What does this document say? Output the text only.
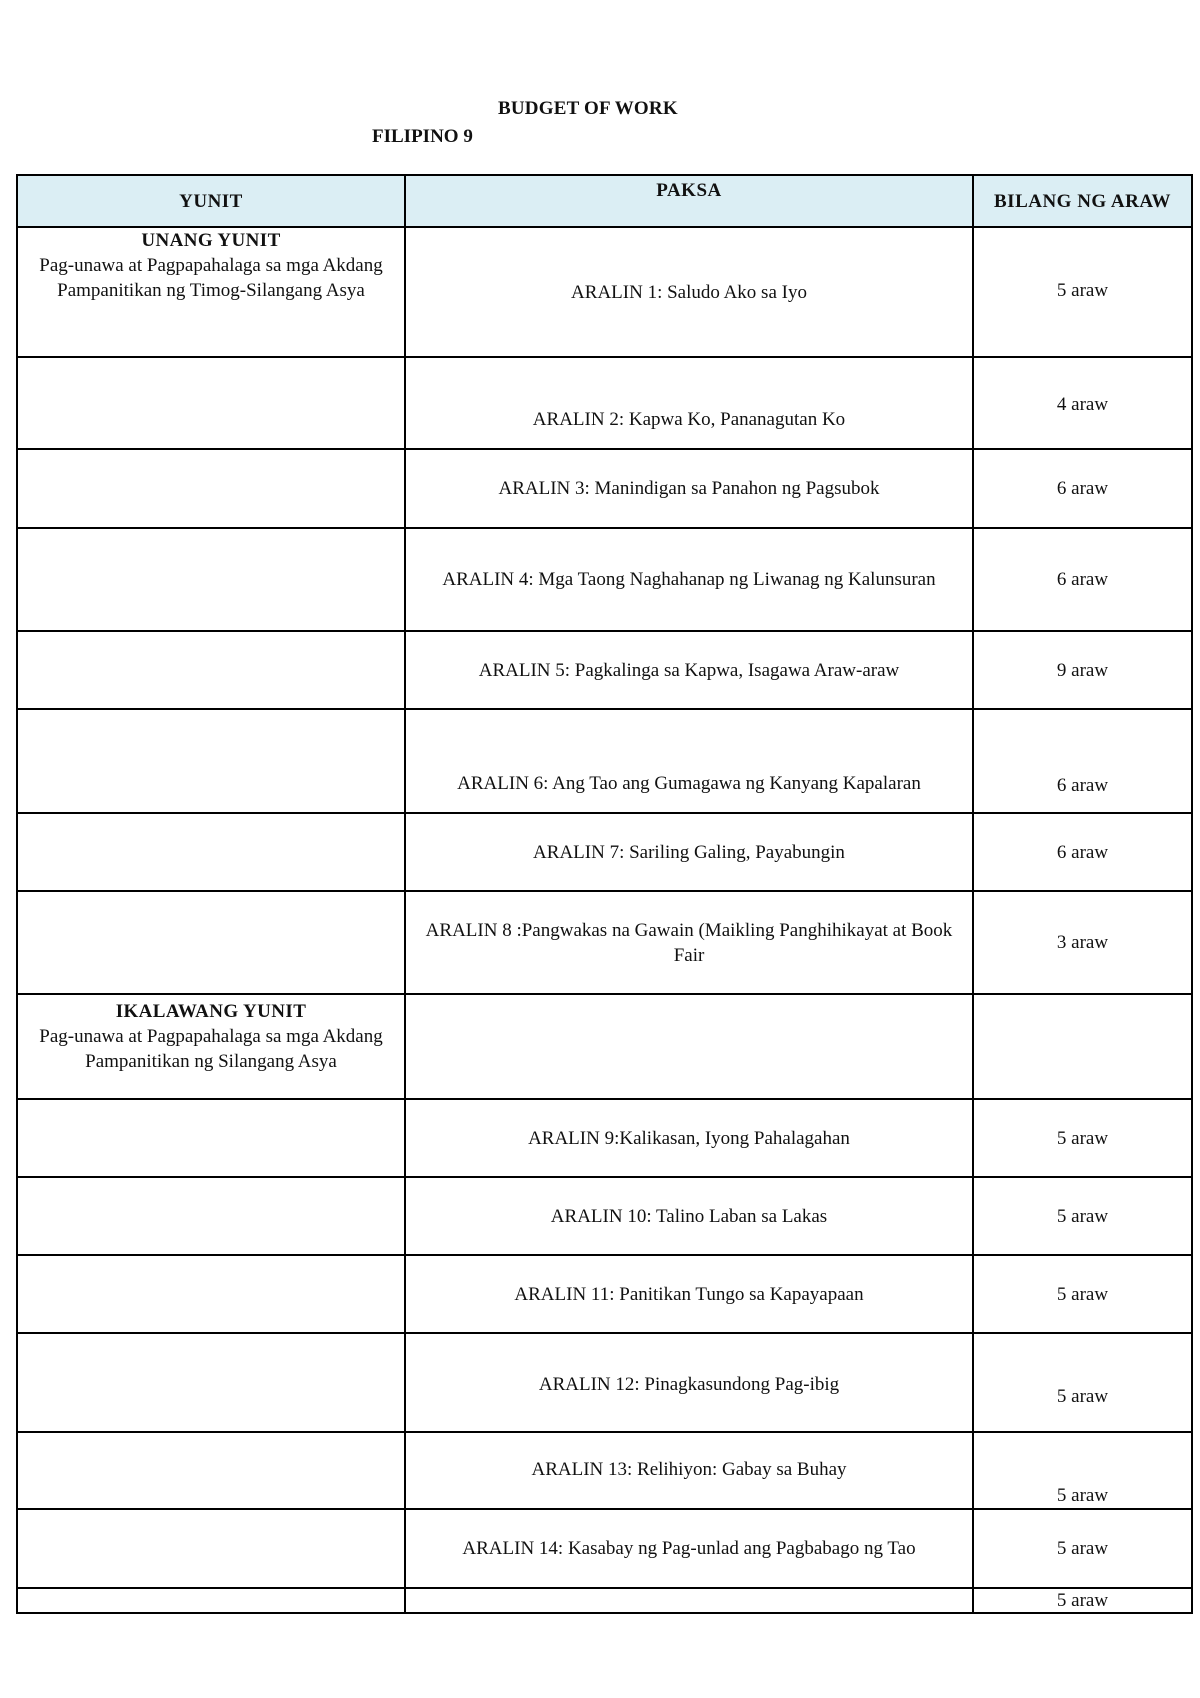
BUDGET OF WORK
FILIPINO 9
YUNIT	PAKSA	BILANG NG ARAW

UNANG YUNIT
Pag-unawa at Pagpapahalaga sa mga Akdang Pampanitikan ng Timog-Silangang Asya	ARALIN 1: Saludo Ako sa Iyo	5 araw
	ARALIN 2: Kapwa Ko, Pananagutan Ko	4 araw
	ARALIN 3: Manindigan sa Panahon ng Pagsubok	6 araw
	ARALIN 4: Mga Taong Naghahanap ng Liwanag ng Kalunsuran	6 araw
	ARALIN 5: Pagkalinga sa Kapwa, Isagawa Araw-araw	9 araw
	ARALIN 6: Ang Tao ang Gumagawa ng Kanyang Kapalaran	6 araw
	ARALIN 7: Sariling Galing, Payabungin	6 araw
	ARALIN 8 :Pangwakas na Gawain (Maikling Panghihikayat at Book Fair	3 araw

IKALAWANG YUNIT
Pag-unawa at Pagpapahalaga sa mga Akdang Pampanitikan ng Silangang Asya		

	ARALIN 9:Kalikasan, Iyong Pahalagahan	5 araw
	ARALIN 10: Talino Laban sa Lakas	5 araw
	ARALIN 11: Panitikan Tungo sa Kapayapaan	5 araw
	ARALIN 12: Pinagkasundong Pag-ibig	5 araw
	ARALIN 13: Relihiyon: Gabay sa Buhay	5 araw
	ARALIN 14: Kasabay ng Pag-unlad ang Pagbabago ng Tao	5 araw
		5 araw
